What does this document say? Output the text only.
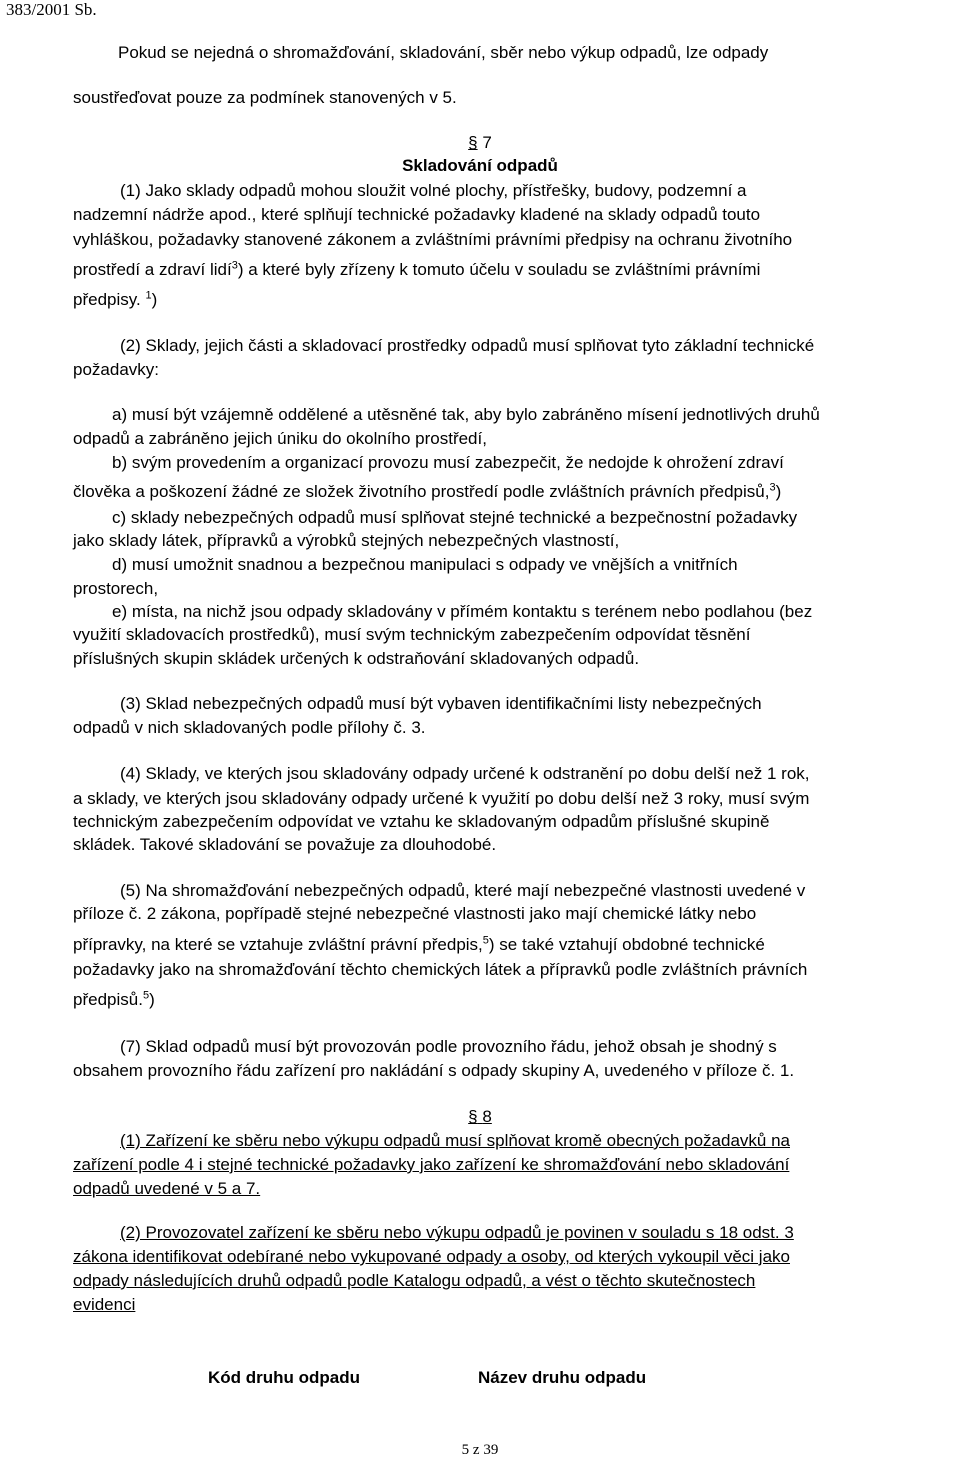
383/2001 Sb.
Pokud se nejedná o shromažďování, skladování, sběr nebo výkup odpadů, lze odpady
soustřeďovat pouze za podmínek stanovených v 5.
§ 7
Skladování odpadů
(1) Jako sklady odpadů mohou sloužit volné plochy, přístřešky, budovy, podzemní a
nadzemní nádrže apod., které splňují technické požadavky kladené na sklady odpadů touto
vyhláškou, požadavky stanovené zákonem a zvláštními právními předpisy na ochranu životního
prostředí a zdraví lidí$^3$) a které byly zřízeny k tomuto účelu v souladu se zvláštními právními
předpisy. $^1$)
(2) Sklady, jejich části a skladovací prostředky odpadů musí splňovat tyto základní technické
požadavky:
a) musí být vzájemně oddělené a utěsněné tak, aby bylo zabráněno mísení jednotlivých druhů
odpadů a zabráněno jejich úniku do okolního prostředí,
b) svým provedením a organizací provozu musí zabezpečit, že nedojde k ohrožení zdraví
člověka a poškození žádné ze složek životního prostředí podle zvláštních právních předpisů,$^3$)
c) sklady nebezpečných odpadů musí splňovat stejné technické a bezpečnostní požadavky
jako sklady látek, přípravků a výrobků stejných nebezpečných vlastností,
d) musí umožnit snadnou a bezpečnou manipulaci s odpady ve vnějších a vnitřních
prostorech,
e) místa, na nichž jsou odpady skladovány v přímém kontaktu s terénem nebo podlahou (bez
využití skladovacích prostředků), musí svým technickým zabezpečením odpovídat těsnění
příslušných skupin skládek určených k odstraňování skladovaných odpadů.
(3) Sklad nebezpečných odpadů musí být vybaven identifikačními listy nebezpečných
odpadů v nich skladovaných podle přílohy č. 3.
(4) Sklady, ve kterých jsou skladovány odpady určené k odstranění po dobu delší než 1 rok,
a sklady, ve kterých jsou skladovány odpady určené k využití po dobu delší než 3 roky, musí svým
technickým zabezpečením odpovídat ve vztahu ke skladovaným odpadům příslušné skupině
skládek. Takové skladování se považuje za dlouhodobé.
(5) Na shromažďování nebezpečných odpadů, které mají nebezpečné vlastnosti uvedené v
příloze č. 2 zákona, popřípadě stejné nebezpečné vlastnosti jako mají chemické látky nebo
přípravky, na které se vztahuje zvláštní právní předpis,$^5$) se také vztahují obdobné technické
požadavky jako na shromažďování těchto chemických látek a přípravků podle zvláštních právních
předpisů.$^5$)
(7) Sklad odpadů musí být provozován podle provozního řádu, jehož obsah je shodný s
obsahem provozního řádu zařízení pro nakládání s odpady skupiny A, uvedeného v příloze č. 1.
§ 8
(1) Zařízení ke sběru nebo výkupu odpadů musí splňovat kromě obecných požadavků na
zařízení podle 4 i stejné technické požadavky jako zařízení ke shromažďování nebo skladování
odpadů uvedené v 5 a 7.
(2) Provozovatel zařízení ke sběru nebo výkupu odpadů je povinen v souladu s 18 odst. 3
zákona identifikovat odebírané nebo vykupované odpady a osoby, od kterých vykoupil věci jako
odpady následujících druhů odpadů podle Katalogu odpadů, a vést o těchto skutečnostech
evidenci
Kód druhu odpadu	Název druhu odpadu
5 z 39
